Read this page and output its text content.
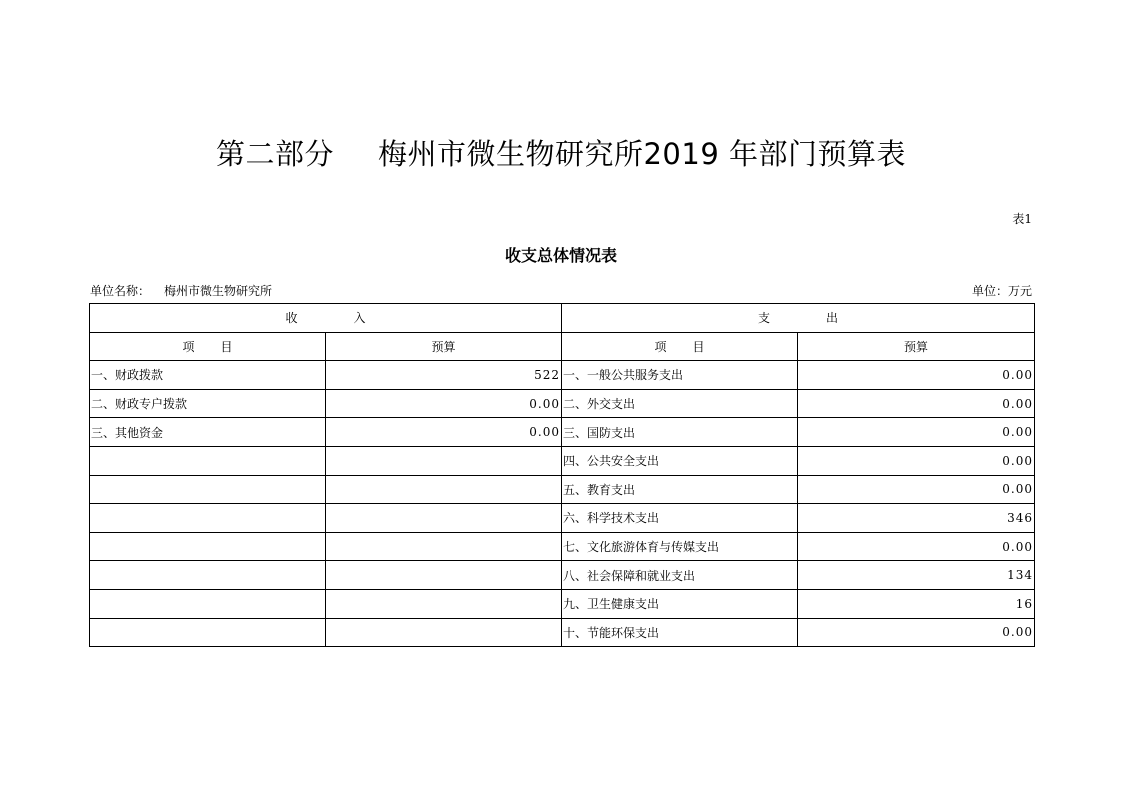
第二部分 梅州市微生物研究所2019 年部门预算表
表1
收支总体情况表
单位名称： 梅州市微生物研究所	单位：万元
收 入		支 出	
项 目	预算	项 目	预算
一、财政拨款	522	一、一般公共服务支出	0.00
二、财政专户拨款	0.00	二、外交支出	0.00
三、其他资金	0.00	三、国防支出	0.00
		四、公共安全支出	0.00
		五、教育支出	0.00
		六、科学技术支出	346
		七、文化旅游体育与传媒支出	0.00
		八、社会保障和就业支出	134
		九、卫生健康支出	16
		十、节能环保支出	0.00
